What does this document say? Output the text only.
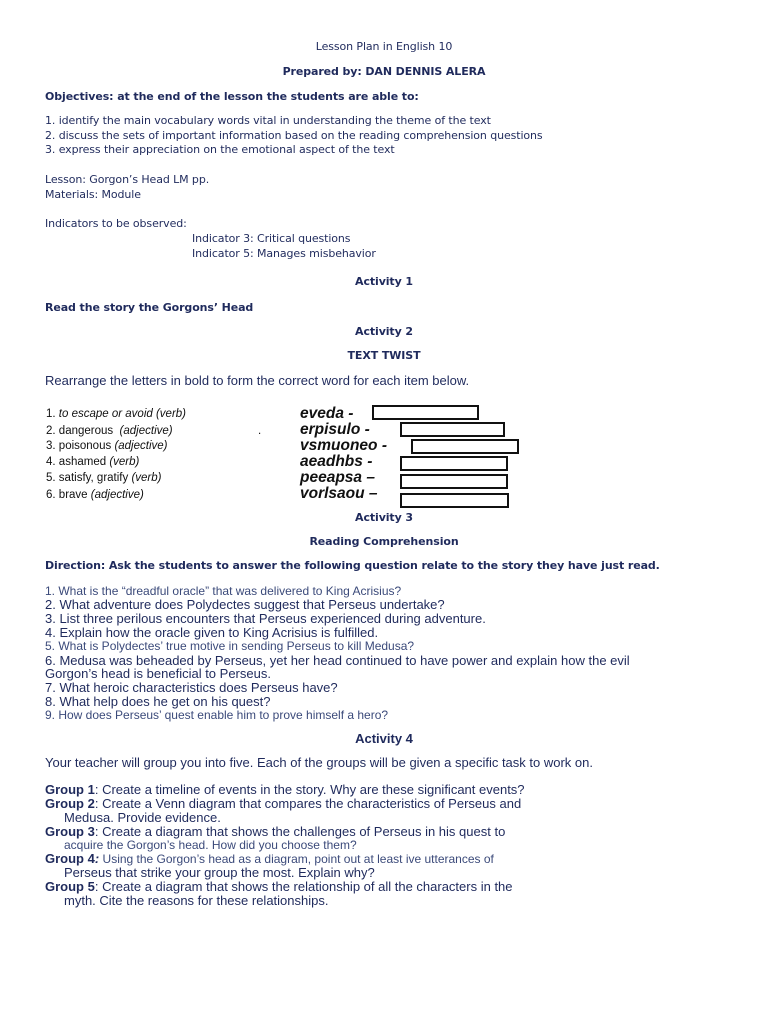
Lesson Plan in English 10
Prepared by: DAN DENNIS ALERA
Objectives: at the end of the lesson the students are able to:
1. identify the main vocabulary words vital in understanding the theme of the text
2. discuss the sets of important information based on the reading comprehension questions
3. express their appreciation on the emotional aspect of the text
Lesson: Gorgon’s Head LM pp.
Materials: Module
Indicators to be observed:
Indicator 3: Critical questions
Indicator 5: Manages misbehavior
Activity 1
Read the story the Gorgons’ Head
Activity 2
TEXT TWIST
Rearrange the letters in bold to form the correct word for each item below.
1. to escape or avoid (verb)
2. dangerous (adjective)	.
3. poisonous (adjective)
4. ashamed (verb)
5. satisfy, gratify (verb)
6. brave (adjective)
eveda -
erpisulo -
vsmuoneo -
aeadhbs -
peeapsa –
vorlsaou –
Activity 3
Reading Comprehension
Direction: Ask the students to answer the following question relate to the story they have just read.
1. What is the “dreadful oracle” that was delivered to King Acrisius?
2. What adventure does Polydectes suggest that Perseus undertake?
3. List three perilous encounters that Perseus experienced during adventure.
4. Explain how the oracle given to King Acrisius is fulfilled.
5. What is Polydectes’ true motive in sending Perseus to kill Medusa?
6. Medusa was beheaded by Perseus, yet her head continued to have power and explain how the evil
Gorgon’s head is beneficial to Perseus.
7. What heroic characteristics does Perseus have?
8. What help does he get on his quest?
9. How does Perseus’ quest enable him to prove himself a hero?
Activity 4
Your teacher will group you into five. Each of the groups will be given a specific task to work on.
Group 1: Create a timeline of events in the story. Why are these significant events?
Group 2: Create a Venn diagram that compares the characteristics of Perseus and
Medusa. Provide evidence.
Group 3: Create a diagram that shows the challenges of Perseus in his quest to
acquire the Gorgon’s head. How did you choose them?
Group 4: Using the Gorgon’s head as a diagram, point out at least ive utterances of
Perseus that strike your group the most. Explain why?
Group 5: Create a diagram that shows the relationship of all the characters in the
myth. Cite the reasons for these relationships.
